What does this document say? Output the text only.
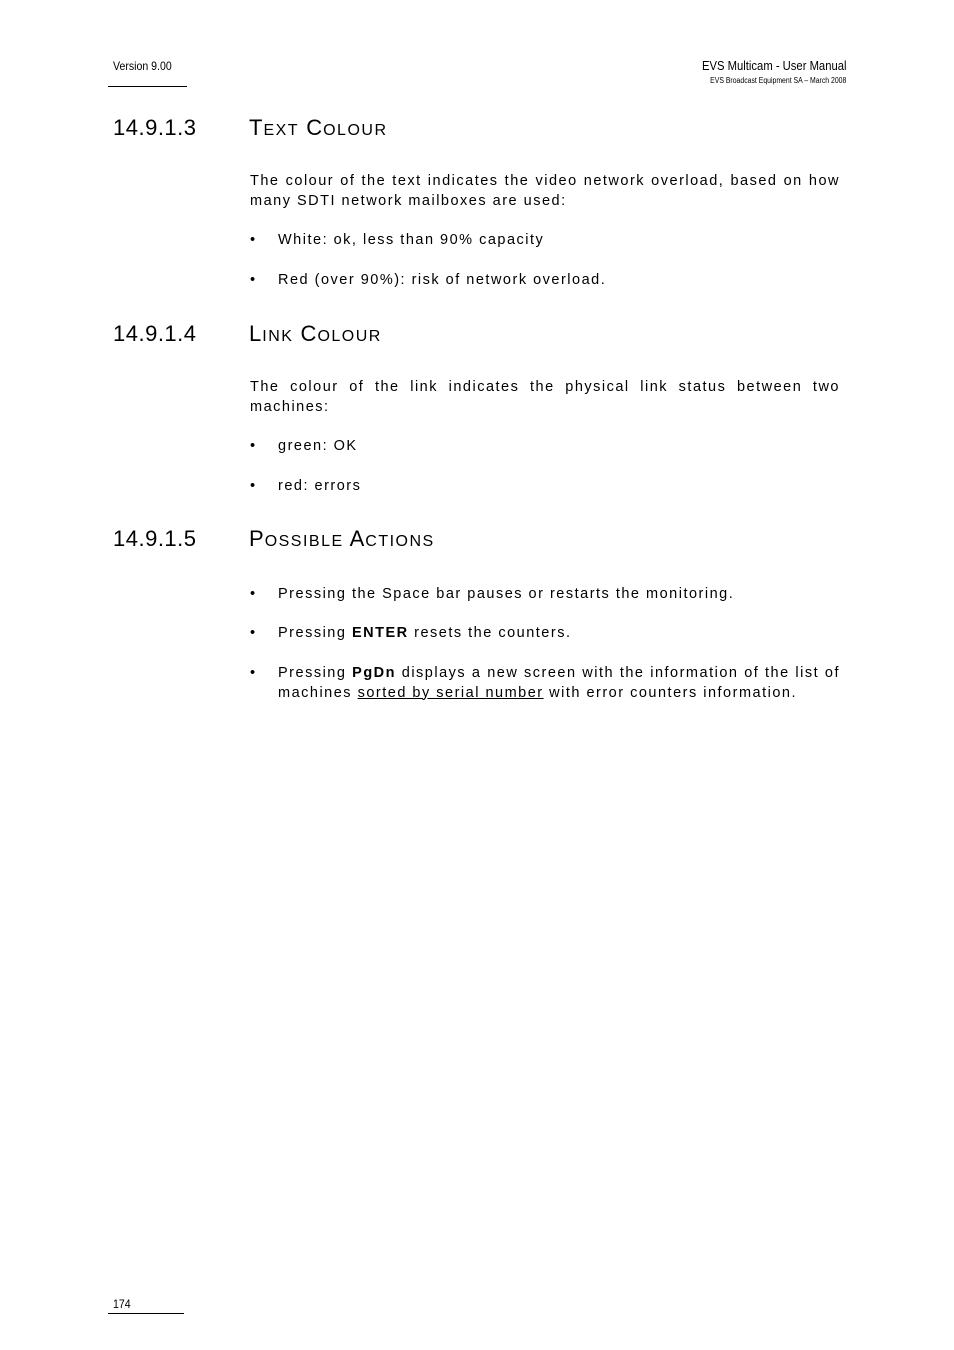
Version 9.00	EVS Multicam - User Manual
EVS Broadcast Equipment SA – March 2008
14.9.1.3 TEXT COLOUR
The colour of the text indicates the video network overload, based on how
many SDTI network mailboxes are used:
•	White: ok, less than 90% capacity
•	Red (over 90%): risk of network overload.
14.9.1.4 LINK COLOUR
The colour of the link indicates the physical link status between two
machines:
•	green: OK
•	red: errors
14.9.1.5 POSSIBLE ACTIONS
•	Pressing the Space bar pauses or restarts the monitoring.
•	Pressing ENTER resets the counters.
•	Pressing PgDn displays a new screen with the information of the list of
machines sorted by serial number with error counters information.
174
